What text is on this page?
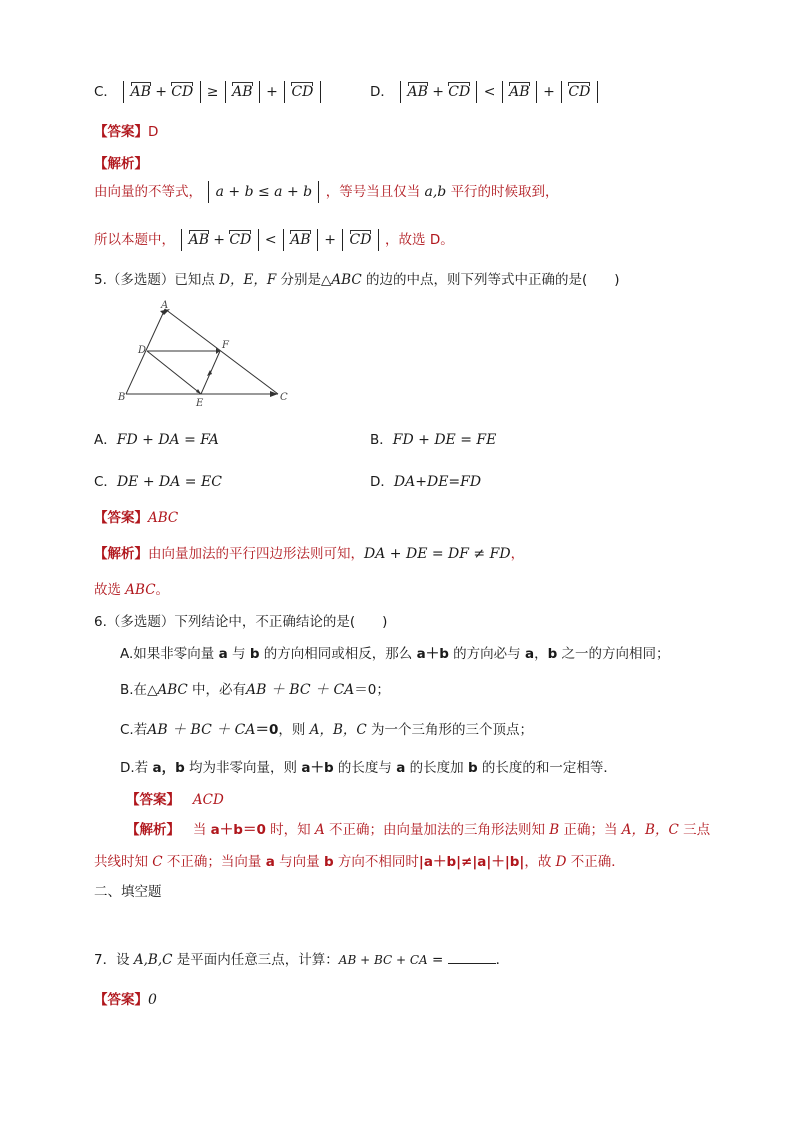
C． AB + CD ≥ AB + CD	D． AB + CD < AB + CD
【答案】D
【解析】
由向量的不等式， a + b ≤ a + b ，等号当且仅当 a,b 平行的时候取到，
所以本题中， AB + CD < AB + CD ，故选 D。
5.（多选题）已知点 D，E，F 分别是△ABC 的边的中点，则下列等式中正确的是(　　)
A
B	C
D
E
F
A．FD + DA = FA	B．FD + DE = FE
C．DE + DA = EC	D．DA+DE=FD
【答案】ABC
【解析】由向量加法的平行四边形法则可知，DA + DE = DF ≠ FD，
故选 ABC。
6.（多选题）下列结论中，不正确结论的是(　　)
A.如果非零向量 a 与 b 的方向相同或相反，那么 a＋b 的方向必与 a，b 之一的方向相同；
B.在△ABC 中，必有AB ＋ BC ＋ CA＝0；
C.若AB ＋ BC ＋ CA＝0，则 A，B，C 为一个三角形的三个顶点；
D.若 a，b 均为非零向量，则 a＋b 的长度与 a 的长度加 b 的长度的和一定相等．
【答案】 ACD
【解析】 当 a＋b＝0 时，知 A 不正确；由向量加法的三角形法则知 B 正确；当 A，B，C 三点
共线时知 C 不正确；当向量 a 与向量 b 方向不相同时|a＋b|≠|a|＋|b|，故 D 不正确．
二、填空题
7．设 A,B,C 是平面内任意三点，计算：AB + BC + CA =	．
【答案】0
